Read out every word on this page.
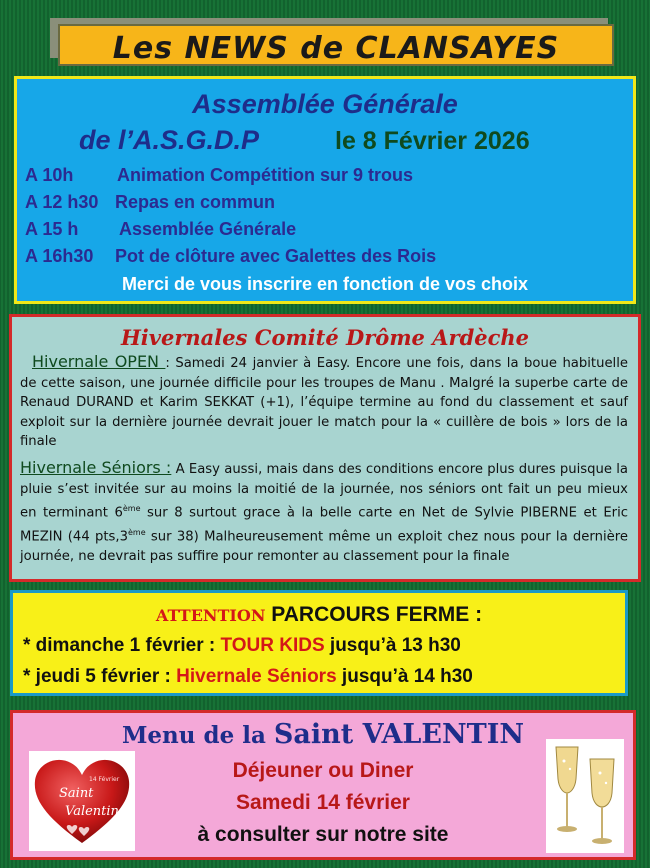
Les NEWS de CLANSAYES
Assemblée Générale
de l’A.S.G.D.P	le 8 Février 2026
A 10h Animation Compétition sur 9 trous
A 12 h30 Repas en commun
A 15 h Assemblée Générale
A 16h30 Pot de clôture avec Galettes des Rois
Merci de vous inscrire en fonction de vos choix
Hivernales Comité Drôme Ardèche
Hivernale OPEN : Samedi 24 janvier à Easy. Encore une fois, dans la boue habituelle de cette saison, une journée difficile pour les troupes de Manu . Malgré la superbe carte de Renaud DURAND et Karim SEKKAT (+1), l’équipe termine au fond du classement et sauf exploit sur la dernière journée devrait jouer le match pour la « cuillère de bois » lors de la finale
Hivernale Séniors : A Easy aussi, mais dans des conditions encore plus dures puisque la pluie s’est invitée sur au moins la moitié de la journée, nos séniors ont fait un peu mieux en terminant 6ème sur 8 surtout grace à la belle carte en Net de Sylvie PIBERNE et Eric MEZIN (44 pts,3ème sur 38) Malheureusement même un exploit chez nous pour la dernière journée, ne devrait pas suffire pour remonter au classement pour la finale
ATTENTION PARCOURS FERME :
* dimanche 1 février : TOUR KIDS jusqu’à 13 h30
* jeudi 5 février : Hivernale Séniors jusqu’à 14 h30
Menu de la Saint VALENTIN
Déjeuner ou Diner
Samedi 14 février
à consulter sur notre site
Saint
Valentin
14 Février
